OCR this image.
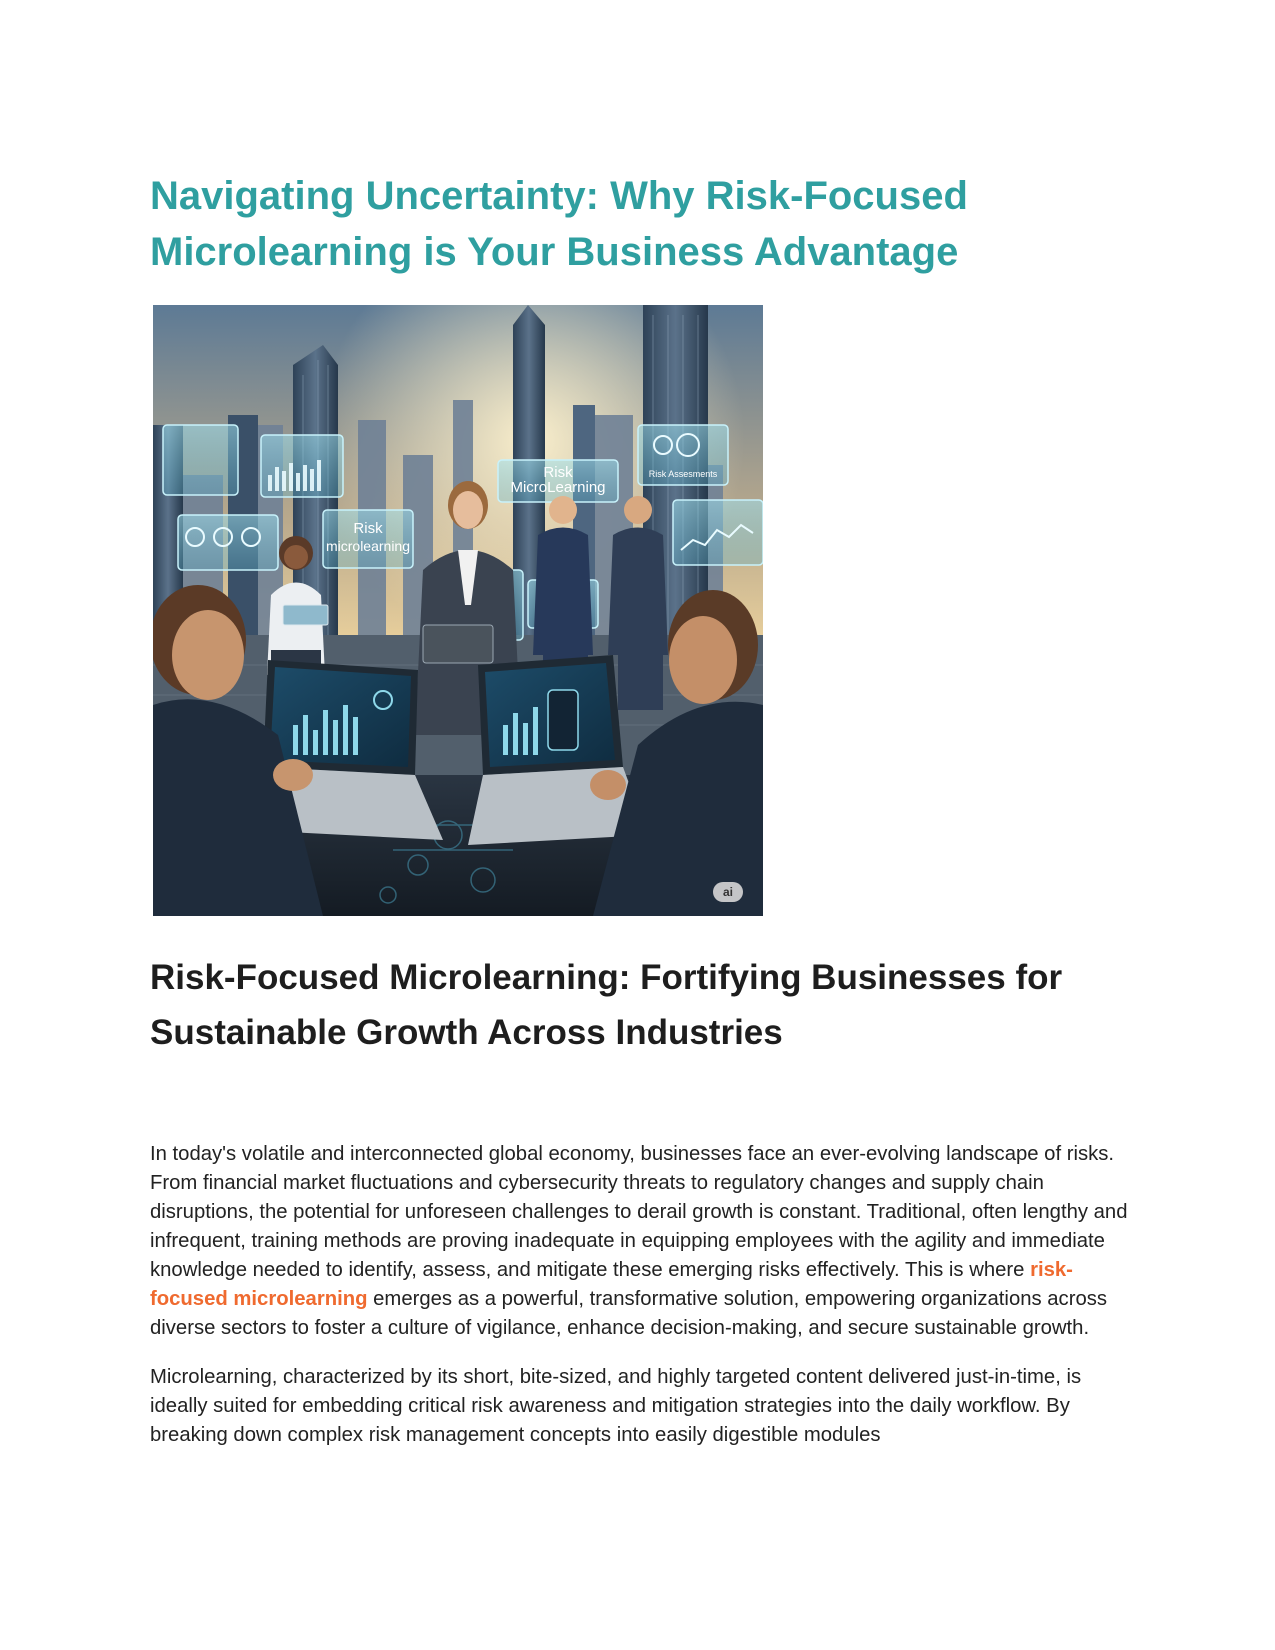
Navigating Uncertainty: Why Risk-Focused Microlearning is Your Business Advantage
Risk
MicroLearning
Risk Assesments
Risk
microlearning
ai
Risk-Focused Microlearning: Fortifying Businesses for Sustainable Growth Across Industries

In today's volatile and interconnected global economy, businesses face an ever-evolving landscape of risks. From financial market fluctuations and cybersecurity threats to regulatory changes and supply chain disruptions, the potential for unforeseen challenges to derail growth is constant. Traditional, often lengthy and infrequent, training methods are proving inadequate in equipping employees with the agility and immediate knowledge needed to identify, assess, and mitigate these emerging risks effectively. This is where risk-focused microlearning emerges as a powerful, transformative solution, empowering organizations across diverse sectors to foster a culture of vigilance, enhance decision-making, and secure sustainable growth.

Microlearning, characterized by its short, bite-sized, and highly targeted content delivered just-in-time, is ideally suited for embedding critical risk awareness and mitigation strategies into the daily workflow. By breaking down complex risk management concepts into easily digestible modules
